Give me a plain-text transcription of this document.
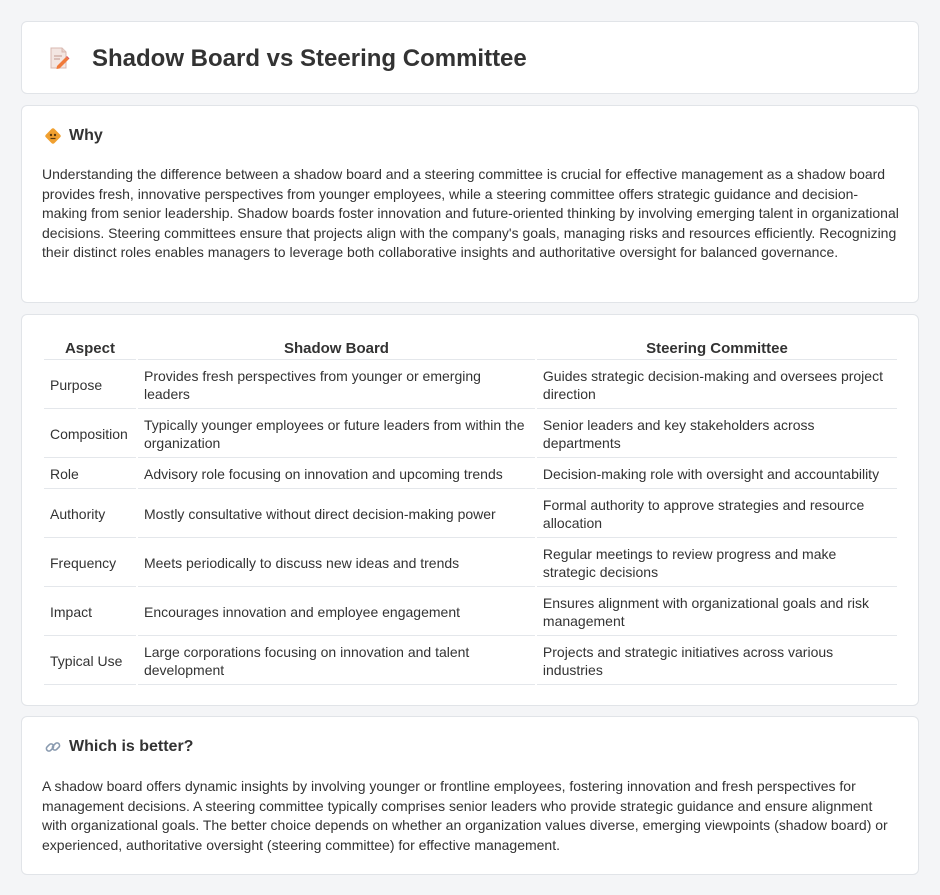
Shadow Board vs Steering Committee
Why

Understanding the difference between a shadow board and a steering committee is crucial for effective management as a shadow board provides fresh, innovative perspectives from younger employees, while a steering committee offers strategic guidance and decision-making from senior leadership. Shadow boards foster innovation and future-oriented thinking by involving emerging talent in organizational decisions. Steering committees ensure that projects align with the company's goals, managing risks and resources efficiently. Recognizing their distinct roles enables managers to leverage both collaborative insights and authoritative oversight for balanced governance.

Aspect	Shadow Board	Steering Committee
Purpose	Provides fresh perspectives from younger or emerging leaders	Guides strategic decision-making and oversees project direction
Composition	Typically younger employees or future leaders from within the organization	Senior leaders and key stakeholders across departments
Role	Advisory role focusing on innovation and upcoming trends	Decision-making role with oversight and accountability
Authority	Mostly consultative without direct decision-making power	Formal authority to approve strategies and resource allocation
Frequency	Meets periodically to discuss new ideas and trends	Regular meetings to review progress and make strategic decisions
Impact	Encourages innovation and employee engagement	Ensures alignment with organizational goals and risk management
Typical Use	Large corporations focusing on innovation and talent development	Projects and strategic initiatives across various industries
Which is better?

A shadow board offers dynamic insights by involving younger or frontline employees, fostering innovation and fresh perspectives for management decisions. A steering committee typically comprises senior leaders who provide strategic guidance and ensure alignment with organizational goals. The better choice depends on whether an organization values diverse, emerging viewpoints (shadow board) or experienced, authoritative oversight (steering committee) for effective management.
